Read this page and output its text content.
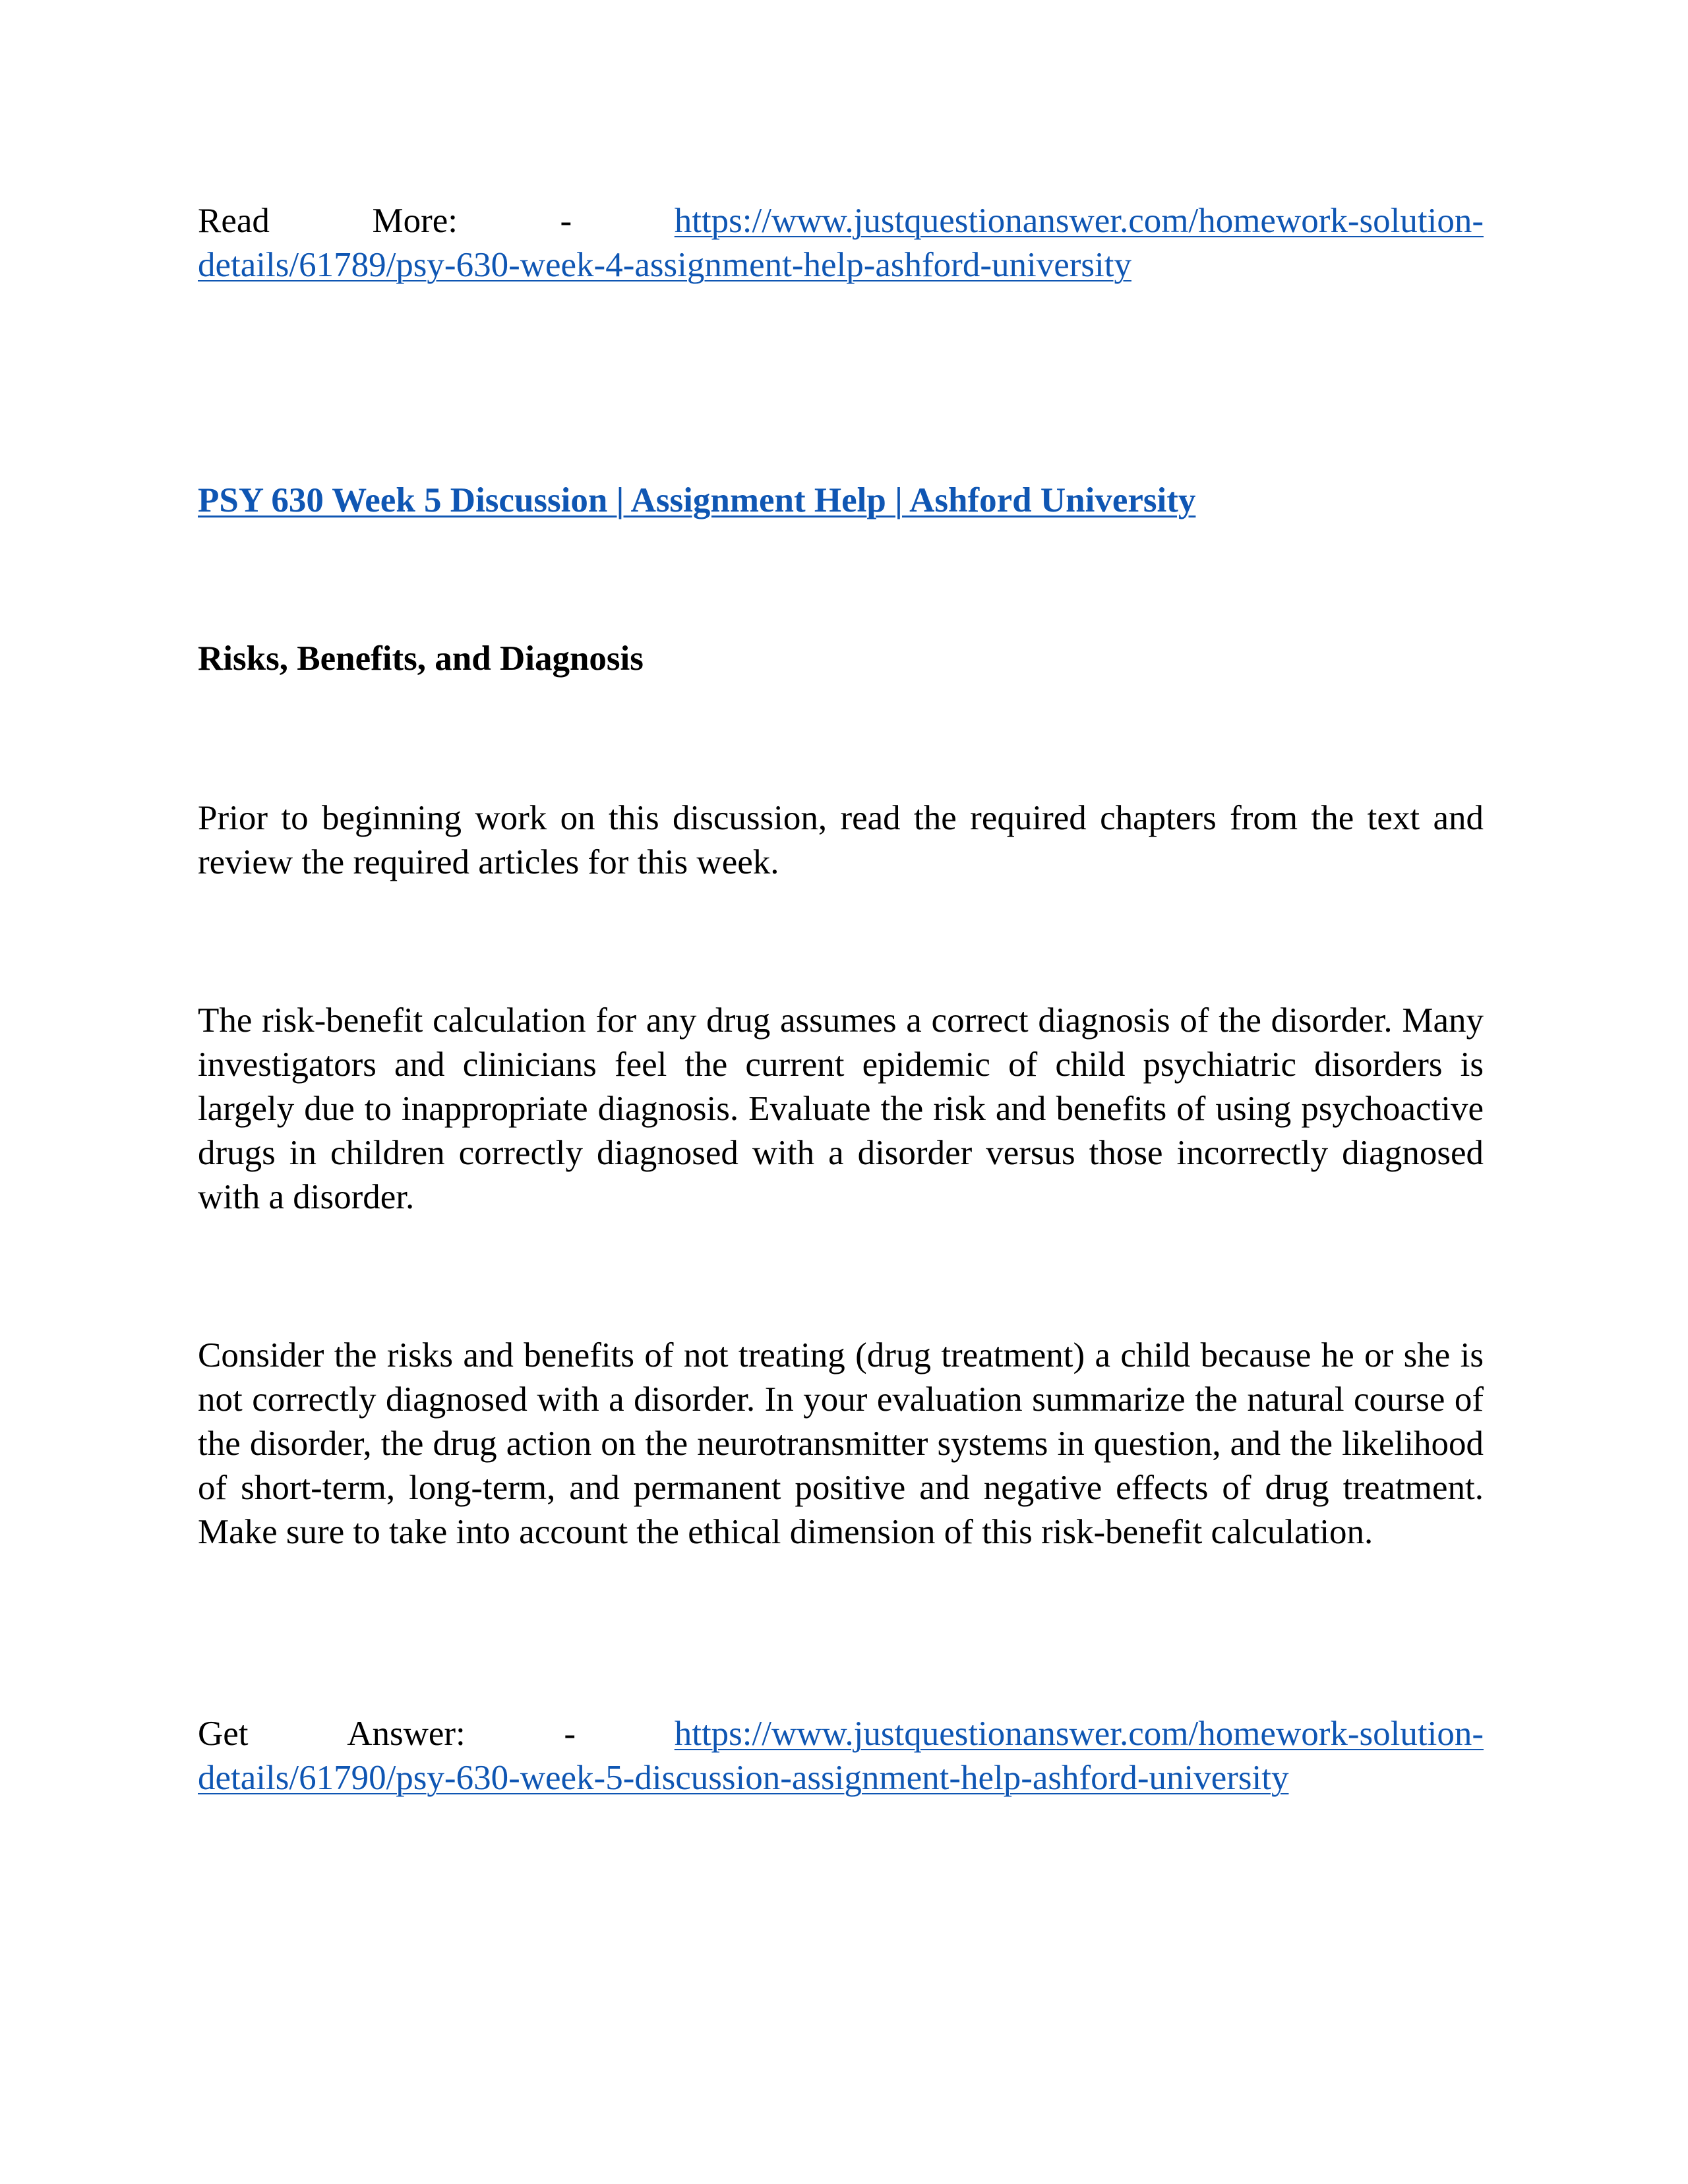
Read	More:	-	https://www.justquestionanswer.com/homework-solution-
details/61789/psy-630-week-4-assignment-help-ashford-university
PSY 630 Week 5 Discussion | Assignment Help | Ashford University
Risks, Benefits, and Diagnosis
Prior to beginning work on this discussion, read the required chapters from the text and review the required articles for this week.
The risk-benefit calculation for any drug assumes a correct diagnosis of the disorder. Many investigators and clinicians feel the current epidemic of child psychiatric disorders is largely due to inappropriate diagnosis. Evaluate the risk and benefits of using psychoactive drugs in children correctly diagnosed with a disorder versus those incorrectly diagnosed with a disorder.
Consider the risks and benefits of not treating (drug treatment) a child because he or she is not correctly diagnosed with a disorder. In your evaluation summarize the natural course of the disorder, the drug action on the neurotransmitter systems in question, and the likelihood of short-term, long-term, and permanent positive and negative effects of drug treatment. Make sure to take into account the ethical dimension of this risk-benefit calculation.
Get	Answer:	-	https://www.justquestionanswer.com/homework-solution-
details/61790/psy-630-week-5-discussion-assignment-help-ashford-university
